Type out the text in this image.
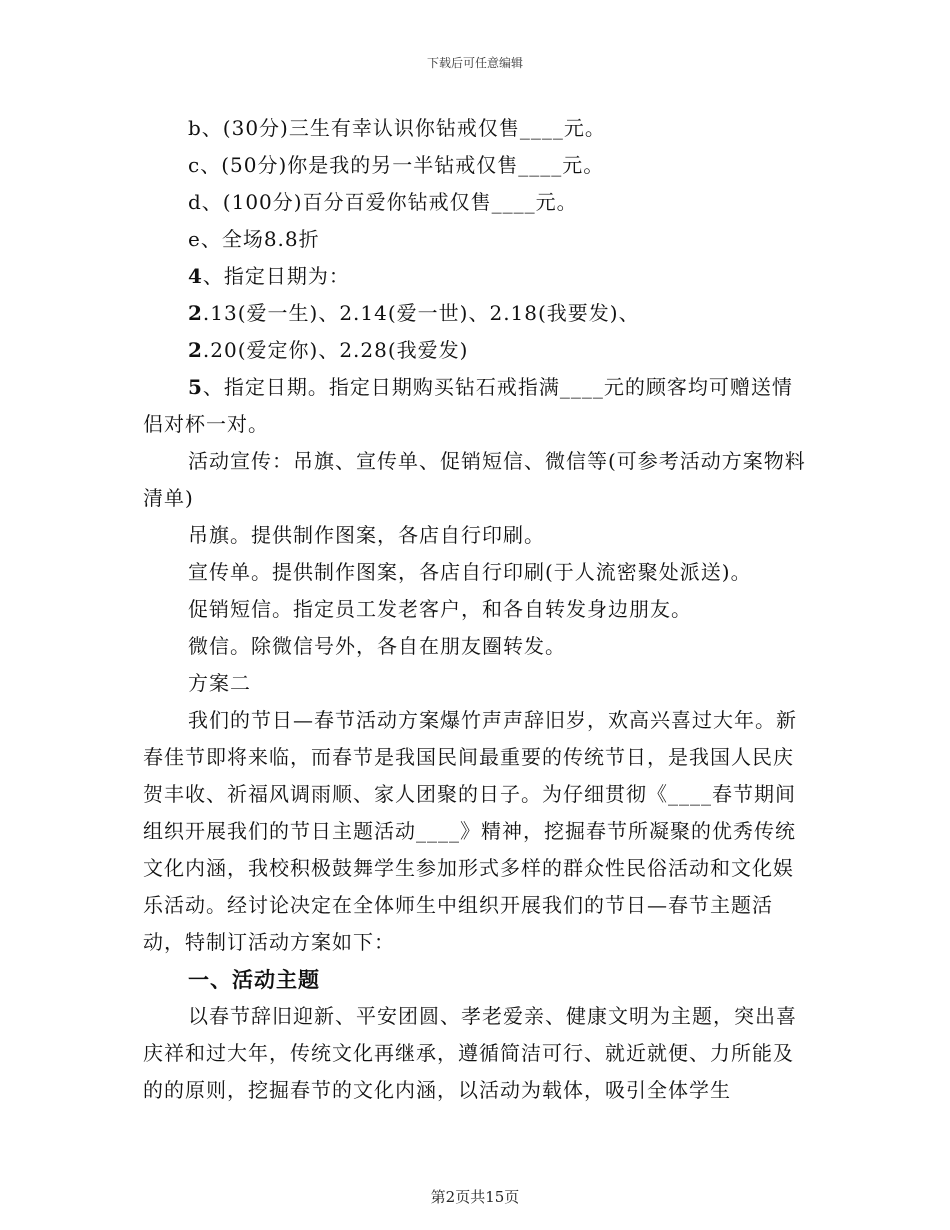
下载后可任意编辑

b、(30分)三生有幸认识你钻戒仅售____元。

c、(50分)你是我的另一半钻戒仅售____元。

d、(100分)百分百爱你钻戒仅售____元。

e、全场8.8折

4、指定日期为：

2.13(爱一生)、2.14(爱一世)、2.18(我要发)、

2.20(爱定你)、2.28(我爱发)

5、指定日期。指定日期购买钻石戒指满____元的顾客均可赠送情侣对杯一对。

活动宣传：吊旗、宣传单、促销短信、微信等(可参考活动方案物料清单)

吊旗。提供制作图案，各店自行印刷。

宣传单。提供制作图案，各店自行印刷(于人流密聚处派送)。

促销短信。指定员工发老客户，和各自转发身边朋友。

微信。除微信号外，各自在朋友圈转发。

方案二

我们的节日—春节活动方案爆竹声声辞旧岁，欢高兴喜过大年。新春佳节即将来临，而春节是我国民间最重要的传统节日，是我国人民庆贺丰收、祈福风调雨顺、家人团聚的日子。为仔细贯彻《____春节期间组织开展我们的节日主题活动____》精神，挖掘春节所凝聚的优秀传统文化内涵，我校积极鼓舞学生参加形式多样的群众性民俗活动和文化娱乐活动。经讨论决定在全体师生中组织开展我们的节日—春节主题活动，特制订活动方案如下：

一、活动主题

以春节辞旧迎新、平安团圆、孝老爱亲、健康文明为主题，突出喜庆祥和过大年，传统文化再继承，遵循简洁可行、就近就便、力所能及的的原则，挖掘春节的文化内涵，以活动为载体，吸引全体学生

第2页共15页
